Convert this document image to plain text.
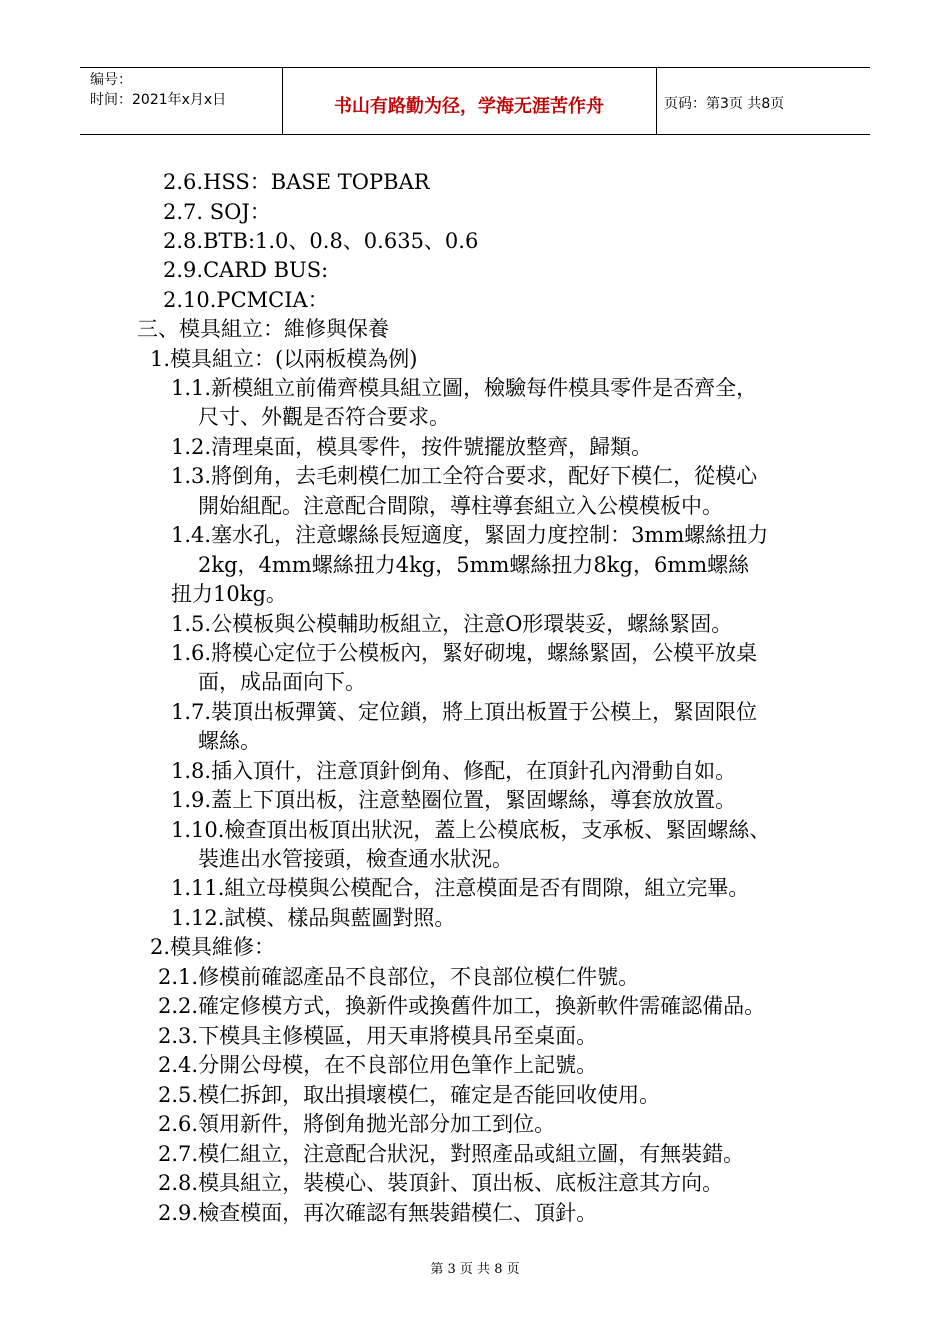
编号：
时间：2021年x月x日	书山有路勤为径，学海无涯苦作舟	页码：第3页 共8页
2.6.HSS：BASE TOPBAR
2.7. SOJ：
2.8.BTB:1.0、0.8、0.635、0.6
2.9.CARD BUS:
2.10.PCMCIA：
三、模具組立：維修與保養
1.模具組立：(以兩板模為例)
1.1.新模組立前備齊模具組立圖，檢驗每件模具零件是否齊全，
尺寸、外觀是否符合要求。
1.2.清理桌面，模具零件，按件號擺放整齊，歸類。
1.3.將倒角，去毛刺模仁加工全符合要求，配好下模仁，從模心
開始組配。注意配合間隙，導柱導套組立入公模模板中。
1.4.塞水孔，注意螺絲長短適度，緊固力度控制：3mm螺絲扭力
2kg，4mm螺絲扭力4kg，5mm螺絲扭力8kg，6mm螺絲
扭力10kg。
1.5.公模板與公模輔助板組立，注意O形環裝妥，螺絲緊固。
1.6.將模心定位于公模板內，緊好砌塊，螺絲緊固，公模平放桌
面，成品面向下。
1.7.裝頂出板彈簧、定位鎖，將上頂出板置于公模上，緊固限位
螺絲。
1.8.插入頂什，注意頂針倒角、修配，在頂針孔內滑動自如。
1.9.蓋上下頂出板，注意墊圈位置，緊固螺絲，導套放放置。
1.10.檢查頂出板頂出狀況，蓋上公模底板，支承板、緊固螺絲、
裝進出水管接頭，檢查通水狀況。
1.11.組立母模與公模配合，注意模面是否有間隙，組立完畢。
1.12.試模、樣品與藍圖對照。
2.模具維修：
2.1.修模前確認產品不良部位，不良部位模仁件號。
2.2.確定修模方式，換新件或換舊件加工，換新軟件需確認備品。
2.3.下模具主修模區，用天車將模具吊至桌面。
2.4.分開公母模，在不良部位用色筆作上記號。
2.5.模仁拆卸，取出損壞模仁，確定是否能回收使用。
2.6.領用新件，將倒角拋光部分加工到位。
2.7.模仁組立，注意配合狀況，對照產品或組立圖，有無裝錯。
2.8.模具組立，裝模心、裝頂針、頂出板、底板注意其方向。
2.9.檢查模面，再次確認有無裝錯模仁、頂針。
第 3 页 共 8 页
